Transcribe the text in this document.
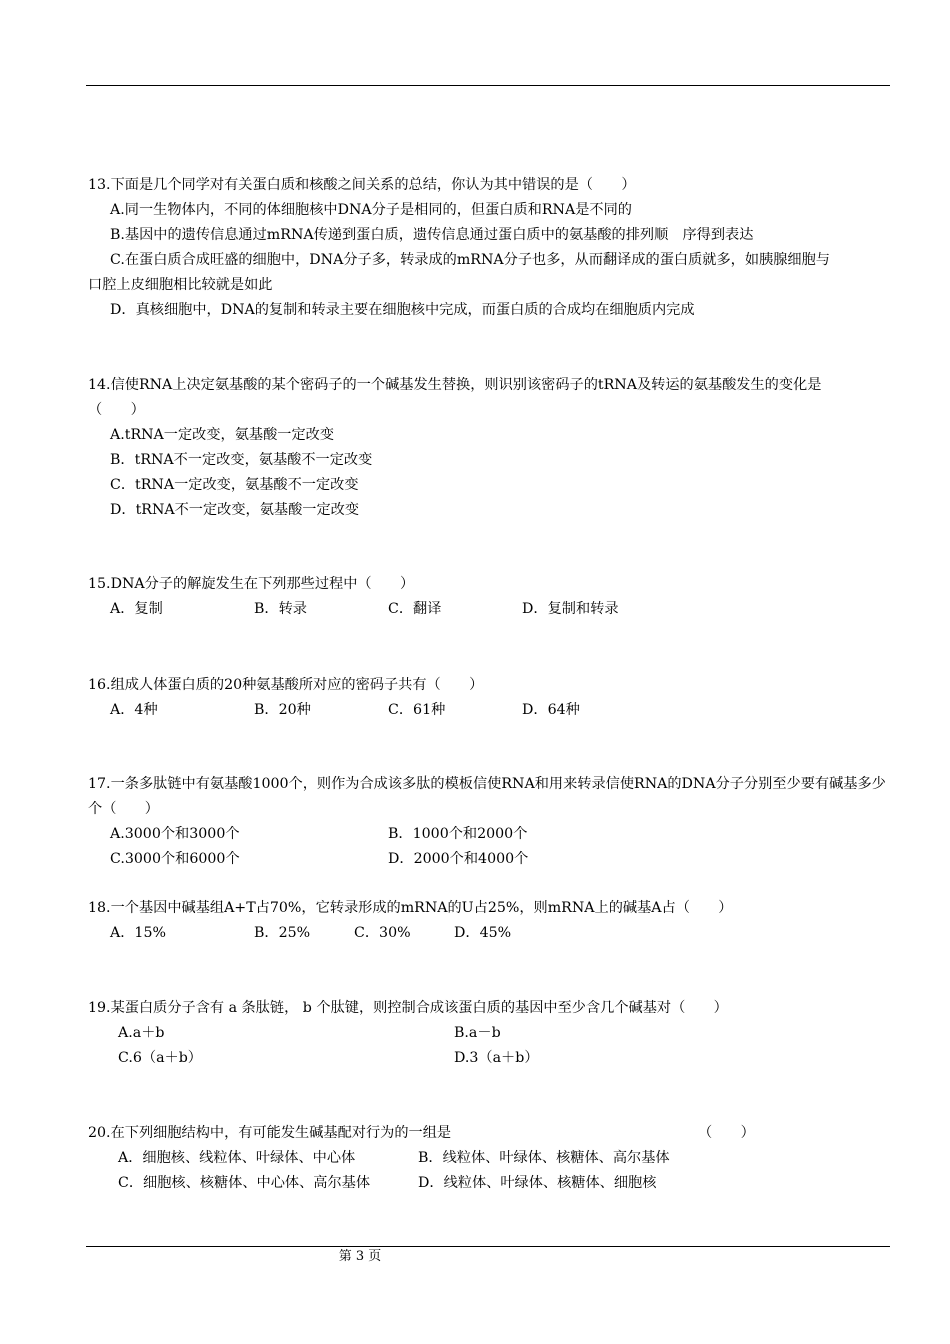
13.下面是几个同学对有关蛋白质和核酸之间关系的总结，你认为其中错误的是（　　）
A.同一生物体内，不同的体细胞核中DNA分子是相同的，但蛋白质和RNA是不同的
B.基因中的遗传信息通过mRNA传递到蛋白质，遗传信息通过蛋白质中的氨基酸的排列顺　序得到表达
C.在蛋白质合成旺盛的细胞中，DNA分子多，转录成的mRNA分子也多，从而翻译成的蛋白质就多，如胰腺细胞与　　　　　口腔上皮细胞相比较就是如此
D．真核细胞中，DNA的复制和转录主要在细胞核中完成，而蛋白质的合成均在细胞质内完成
14.信使RNA上决定氨基酸的某个密码子的一个碱基发生替换，则识别该密码子的tRNA及转运的氨基酸发生的变化是　　　　（　　）
A.tRNA一定改变，氨基酸一定改变
B．tRNA不一定改变，氨基酸不一定改变
C．tRNA一定改变，氨基酸不一定改变
D．tRNA不一定改变，氨基酸一定改变
15.DNA分子的解旋发生在下列那些过程中（　　）

A．复制

	B．转录

	C．翻译

	D．复制和转录

16.组成人体蛋白质的20种氨基酸所对应的密码子共有（　　）

A．4种

	B．20种

	C．61种

	D．64种

17.一条多肽链中有氨基酸1000个，则作为合成该多肽的模板信使RNA和用来转录信使RNA的DNA分子分别至少要有碱基多少个（　　）

A.3000个和3000个

	B．1000个和2000个

C.3000个和6000个

	D．2000个和4000个

18.一个基因中碱基组A+T占70%，它转录形成的mRNA的U占25%，则mRNA上的碱基A占（　　）

A．15%

	B．25%

	C．30%

	D．45%

19.某蛋白质分子含有 a 条肽链， b 个肽键，则控制合成该蛋白质的基因中至少含几个碱基对（　　）

A.a＋b

	B.a－b

C.6（a＋b）

	D.3（a＋b）

20.在下列细胞结构中，有可能发生碱基配对行为的一组是

	（　　）

A．细胞核、线粒体、叶绿体、中心体

	B．线粒体、叶绿体、核糖体、高尔基体

C．细胞核、核糖体、中心体、高尔基体

	D．线粒体、叶绿体、核糖体、细胞核

第 3 页
